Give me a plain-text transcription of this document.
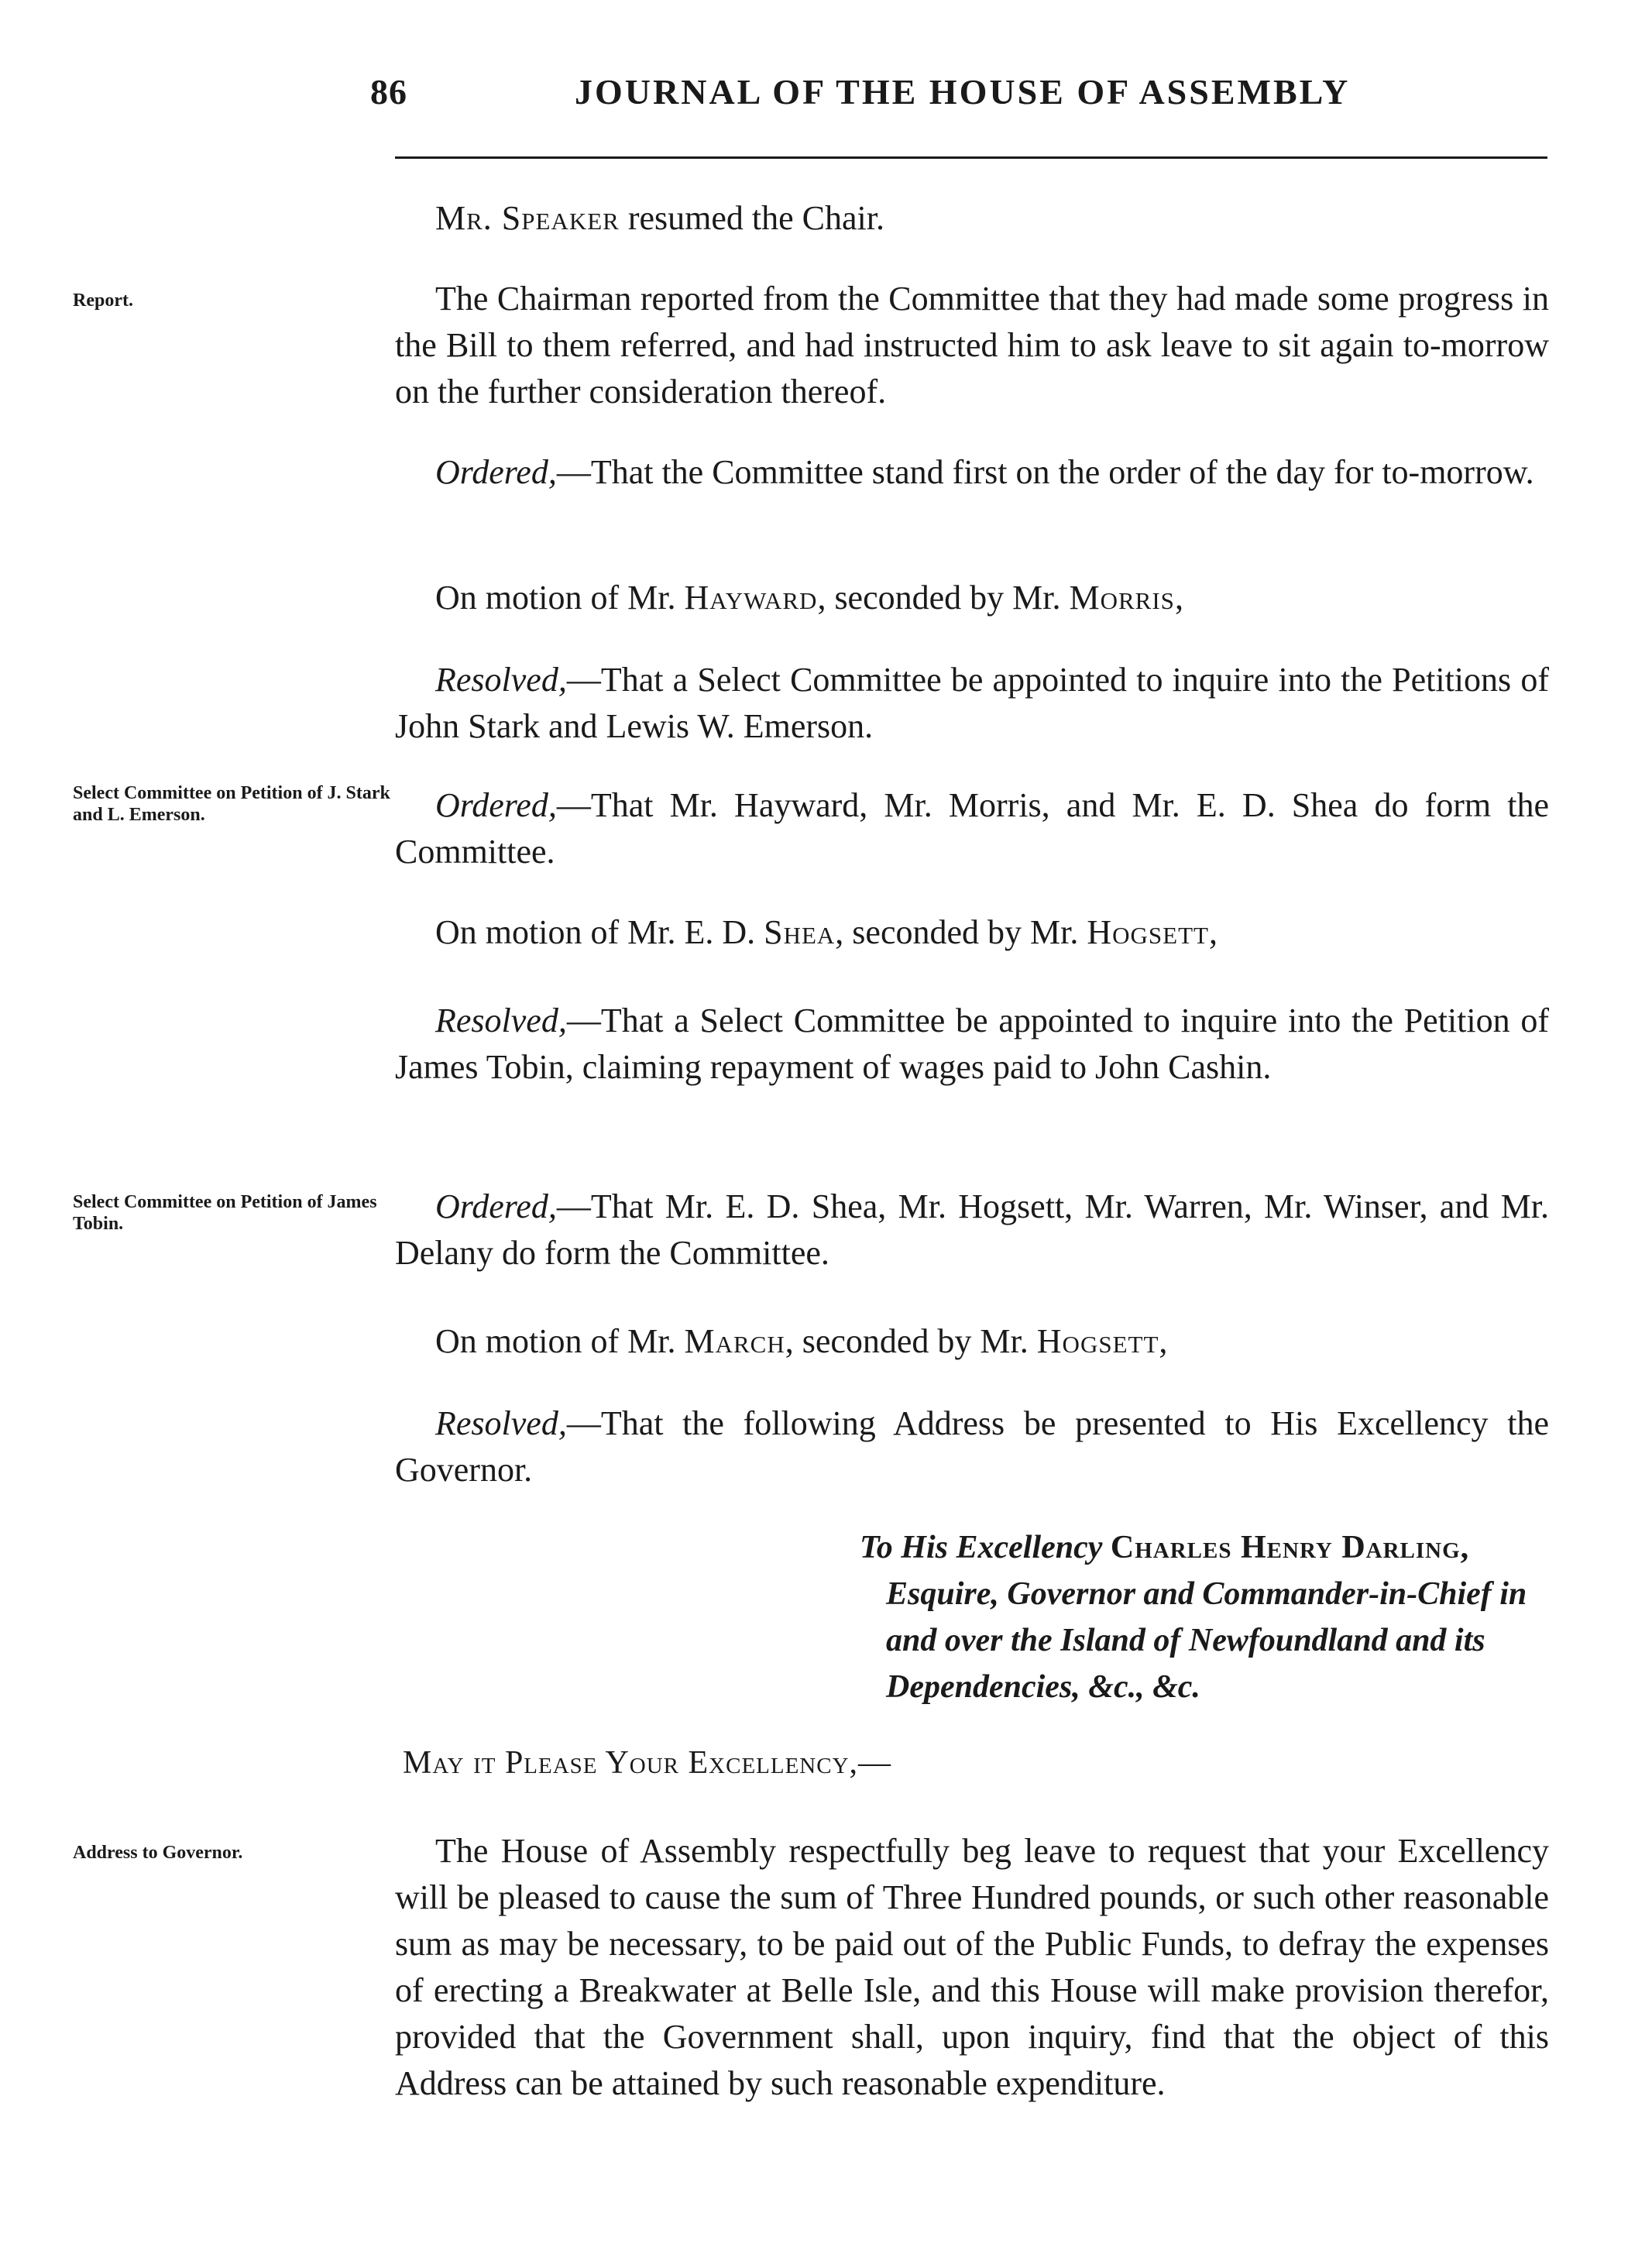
86	JOURNAL OF THE HOUSE OF ASSEMBLY
Mr. Speaker resumed the Chair.
Report.	The Chairman reported from the Committee that they had made some progress in the Bill to them referred, and had instructed him to ask leave to sit again to-morrow on the further consideration thereof.
Ordered,—That the Committee stand first on the order of the day for to-morrow.
On motion of Mr. Hayward, seconded by Mr. Morris,
Resolved,—That a Select Committee be appointed to inquire into the Petitions of John Stark and Lewis W. Emerson.
Select Committee on Petition of J. Stark and L. Emerson.	Ordered,—That Mr. Hayward, Mr. Morris, and Mr. E. D. Shea do form the Committee.
On motion of Mr. E. D. Shea, seconded by Mr. Hogsett,
Resolved,—That a Select Committee be appointed to inquire into the Petition of James Tobin, claiming repayment of wages paid to John Cashin.
Select Committee on Petition of James Tobin.	Ordered,—That Mr. E. D. Shea, Mr. Hogsett, Mr. Warren, Mr. Winser, and Mr. Delany do form the Committee.
On motion of Mr. March, seconded by Mr. Hogsett,
Resolved,—That the following Address be presented to His Excellency the Governor.
To His Excellency Charles Henry Darling,
Esquire, Governor and Commander-in-Chief in and over the Island of Newfoundland and its Dependencies, &c., &c.
May it Please Your Excellency,—
Address to Governor.	The House of Assembly respectfully beg leave to request that your Excellency will be pleased to cause the sum of Three Hundred pounds, or such other reasonable sum as may be necessary, to be paid out of the Public Funds, to defray the expenses of erecting a Breakwater at Belle Isle, and this House will make provision therefor, provided that the Government shall, upon inquiry, find that the object of this Address can be attained by such reasonable expenditure.
